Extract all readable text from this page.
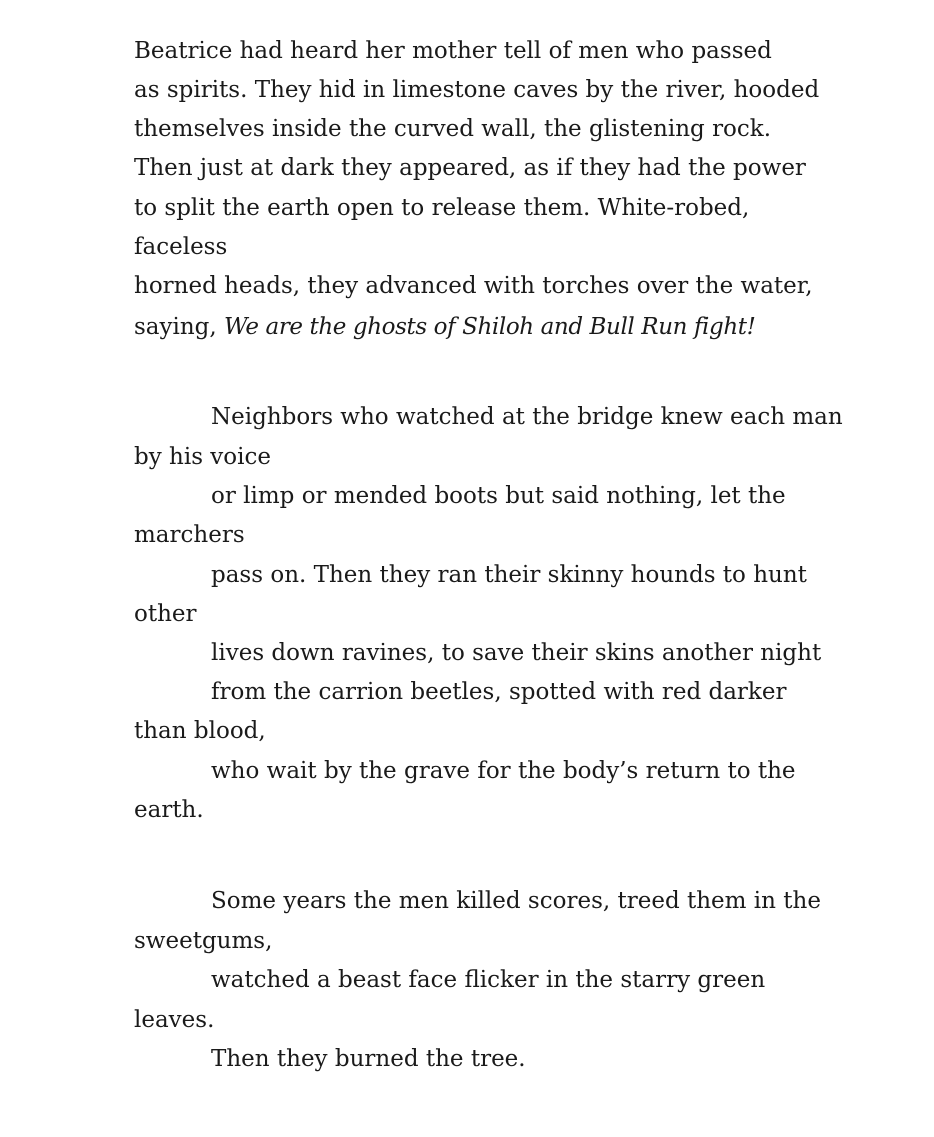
Beatrice had heard her mother tell of men who passed
as spirits. They hid in limestone caves by the river, hooded
themselves inside the curved wall, the glistening rock.
Then just at dark they appeared, as if they had the power
to split the earth open to release them. White-robed,
faceless
horned heads, they advanced with torches over the water,
saying, We are the ghosts of Shiloh and Bull Run fight!
Neighbors who watched at the bridge knew each man
by his voice
or limp or mended boots but said nothing, let the
marchers
pass on. Then they ran their skinny hounds to hunt
other
lives down ravines, to save their skins another night
from the carrion beetles, spotted with red darker
than blood,
who wait by the grave for the body’s return to the
earth.
Some years the men killed scores, treed them in the
sweetgums,
watched a beast face flicker in the starry green
leaves.
Then they burned the tree.
